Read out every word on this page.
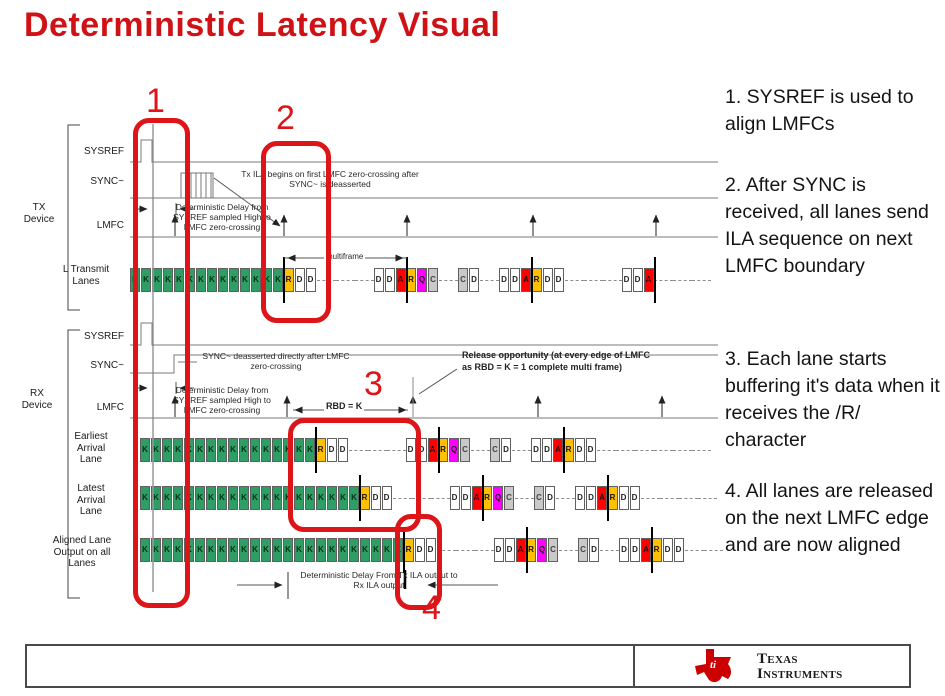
Deterministic Latency Visual
TX
Device
SYSREF
SYNC~
LMFC
L Transmit
Lanes
RX
Device
SYSREF
SYNC~
LMFC
Earliest
Arrival
Lane
Latest
Arrival
Lane
Aligned Lane
Output on all
Lanes
Tx ILA begins on first LMFC zero-crossing after SYNC~ is deasserted
Deterministic Delay from SYSREF sampled High to LMFC zero-crossing
multiframe
SYNC~ deasserted directly after LMFC zero-crossing
Deterministic Delay from SYSREF sampled High to LMFC zero-crossing
Release opportunity (at every edge of LMFC as RBD = K = 1 complete multi frame)
RBD = K
Deterministic Delay From Tx ILA output to Rx ILA output
K K K K K K K K K K K K K K R D D	D D A R Q C	C D	D D A R D D	D D A
K K K K K K K K K K K K K K K K R D D	D D A R Q C	C D	D D A R D D
K K K K K K K K K K K K K K K K K K K K R D D	D D A R Q C	C D	D D A R D D
K K K K K K K K K K K K K K K K K K K K K K K K R D D	D D A R Q C	C D	D D A R D D
1	2
3
4
1. SYSREF is used to align LMFCs
2. After SYNC is received, all lanes send ILA sequence on next LMFC boundary
3. Each lane starts buffering it's data when it receives the /R/ character
4. All lanes are released on the next LMFC edge and are now aligned
ti	Texas
Instruments
